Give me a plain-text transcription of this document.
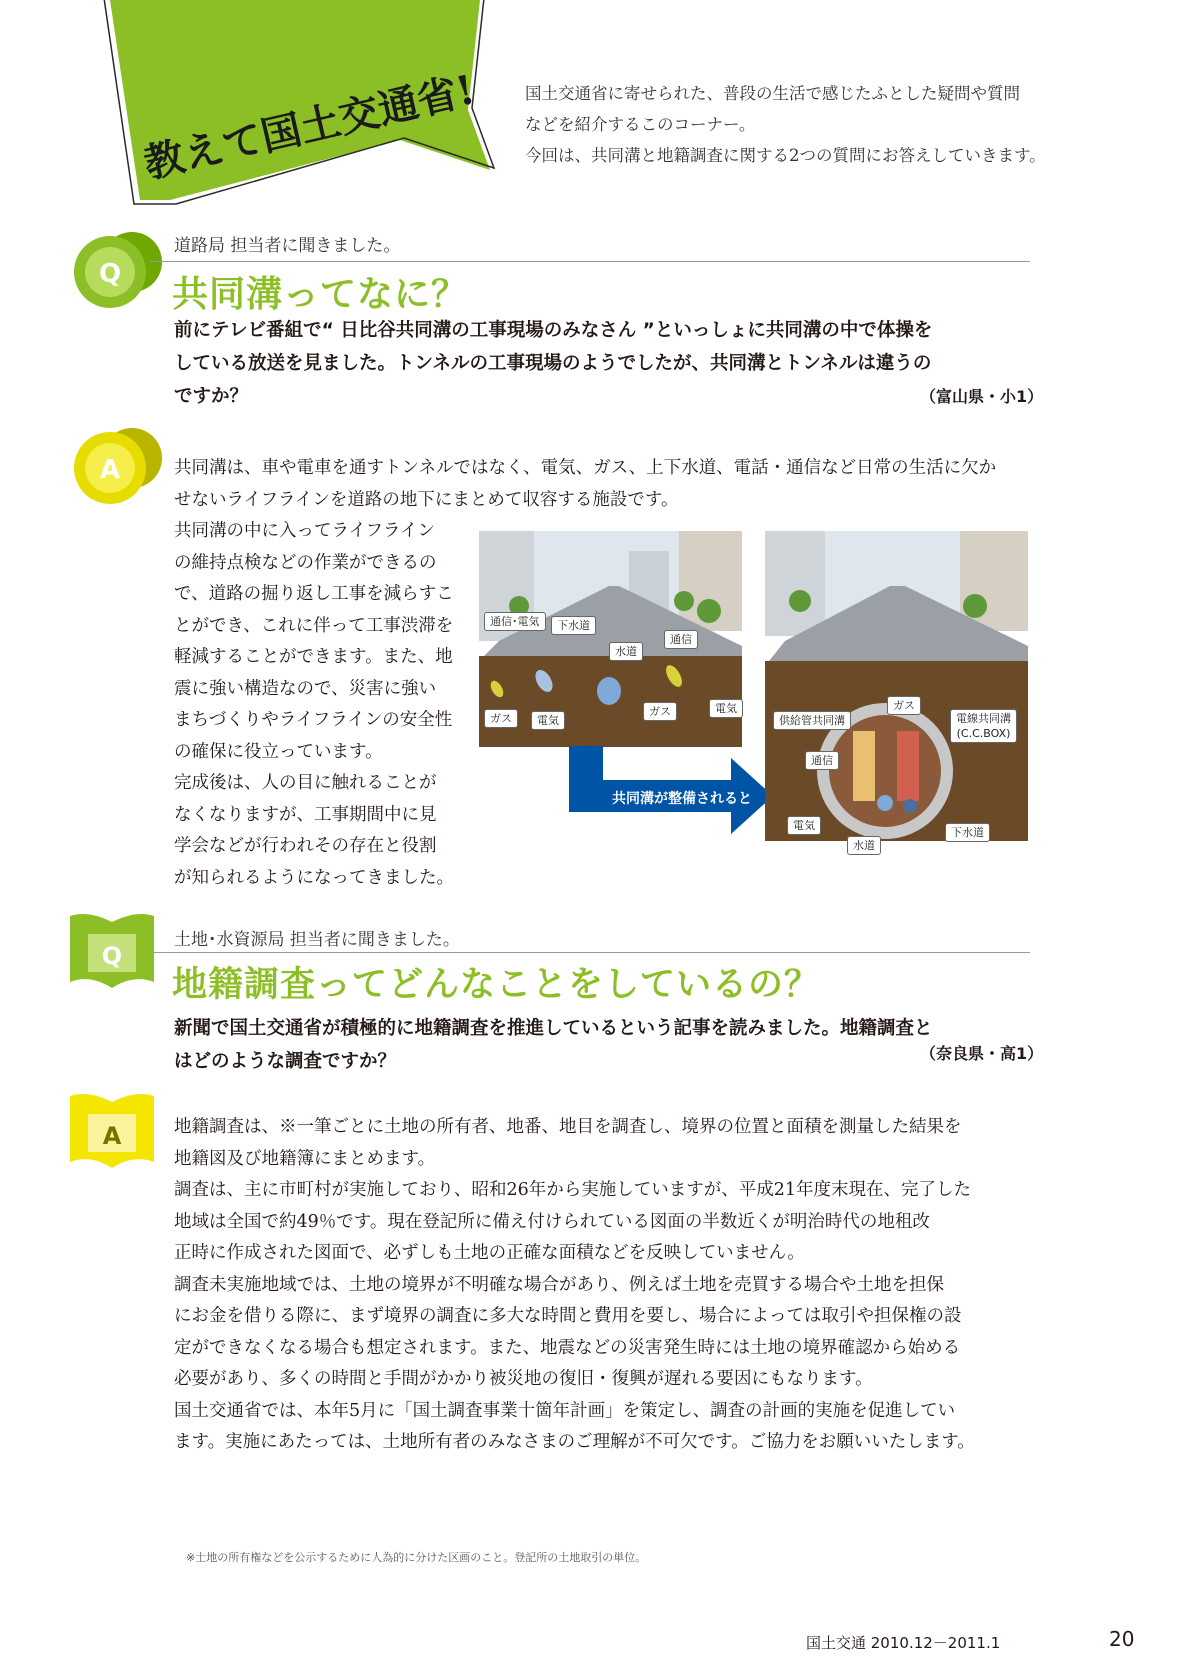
教えて国土交通省!	国土交通省に寄せられた、普段の生活で感じたふとした疑問や質問

などを紹介するこのコーナー。

今回は、共同溝と地籍調査に関する2つの質問にお答えしていきます。

Q
道路局 担当者に聞きました。
共同溝ってなに？

前にテレビ番組で“ 日比谷共同溝の工事現場のみなさん ”といっしょに共同溝の中で体操を

している放送を見ました。トンネルの工事現場のようでしたが、共同溝とトンネルは違うの

ですか？	（富山県・小1）
A	共同溝は、車や電車を通すトンネルではなく、電気、ガス、上下水道、電話・通信など日常の生活に欠か

せないライフラインを道路の地下にまとめて収容する施設です。

共同溝の中に入ってライフライン

の維持点検などの作業ができるの

で、道路の掘り返し工事を減らすこ

とができ、これに伴って工事渋滞を

軽減することができます。また、地

震に強い構造なので、災害に強い

まちづくりやライフラインの安全性

の確保に役立っています。

完成後は、人の目に触れることが

なくなりますが、工事期間中に見

学会などが行われその存在と役割

が知られるようになってきました。

通信･電気	下水道
通信
水道
ガス	電気
ガス	電気
共同溝が整備されると
供給管共同溝
ガス
電線共同溝
(C.C.BOX)
通信
電気
下水道
水道
Q
土地･水資源局 担当者に聞きました。
地籍調査ってどんなことをしているの？

新聞で国土交通省が積極的に地籍調査を推進しているという記事を読みました。地籍調査と

はどのような調査ですか？	（奈良県・高1）
A	地籍調査は、※一筆ごとに土地の所有者、地番、地目を調査し、境界の位置と面積を測量した結果を

地籍図及び地籍簿にまとめます。

調査は、主に市町村が実施しており、昭和26年から実施していますが、平成21年度末現在、完了した

地域は全国で約49％です。現在登記所に備え付けられている図面の半数近くが明治時代の地租改

正時に作成された図面で、必ずしも土地の正確な面積などを反映していません。

調査未実施地域では、土地の境界が不明確な場合があり、例えば土地を売買する場合や土地を担保

にお金を借りる際に、まず境界の調査に多大な時間と費用を要し、場合によっては取引や担保権の設

定ができなくなる場合も想定されます。また、地震などの災害発生時には土地の境界確認から始める

必要があり、多くの時間と手間がかかり被災地の復旧・復興が遅れる要因にもなります。

国土交通省では、本年5月に「国土調査事業十箇年計画」を策定し、調査の計画的実施を促進してい

ます。実施にあたっては、土地所有者のみなさまのご理解が不可欠です。ご協力をお願いいたします。

※土地の所有権などを公示するために人為的に分けた区画のこと。登記所の土地取引の単位。
国土交通 2010.12－2011.1	20
